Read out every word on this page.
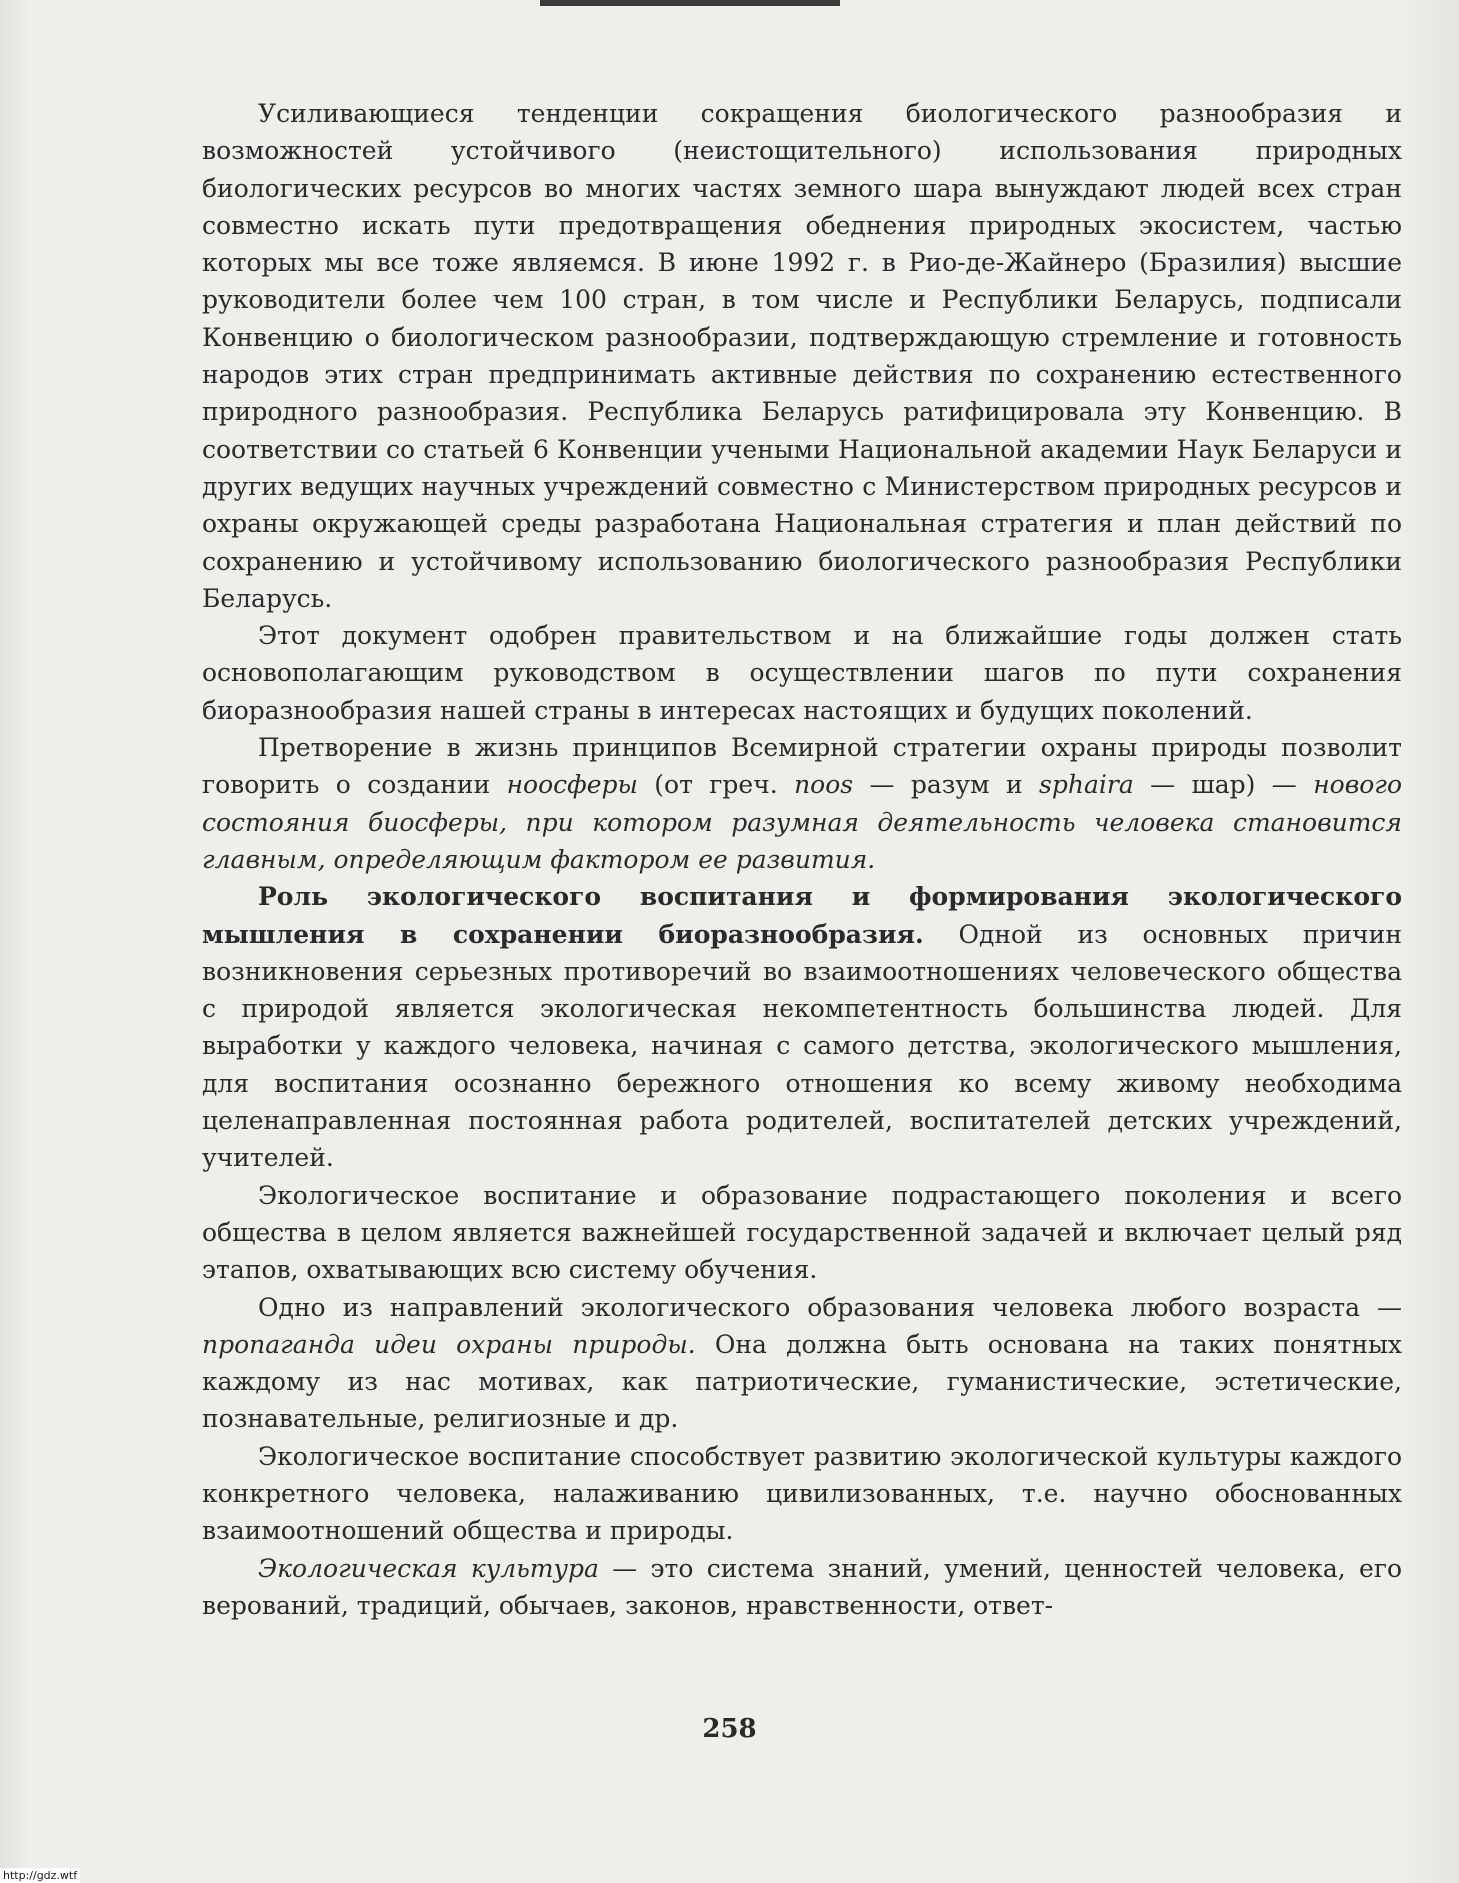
Усиливающиеся тенденции сокращения биологического разнообразия и возможностей устойчивого (неистощительного) использования природных биологических ресурсов во многих частях земного шара вынуждают людей всех стран совместно искать пути предотвращения обеднения природных экосистем, частью которых мы все тоже являемся. В июне 1992 г. в Рио-де-Жайнеро (Бразилия) высшие руководители более чем 100 стран, в том числе и Республики Беларусь, подписали Конвенцию о биологическом разнообразии, подтверждающую стремление и готовность народов этих стран предпринимать активные действия по сохранению естественного природного разнообразия. Республика Беларусь ратифицировала эту Конвенцию. В соответствии со статьей 6 Конвенции учеными Национальной академии Наук Беларуси и других ведущих научных учреждений совместно с Министерством природных ресурсов и охраны окружающей среды разработана Национальная стратегия и план действий по сохранению и устойчивому использованию биологического разнообразия Республики Беларусь.

Этот документ одобрен правительством и на ближайшие годы должен стать основополагающим руководством в осуществлении шагов по пути сохранения биоразнообразия нашей страны в интересах настоящих и будущих поколений.

Претворение в жизнь принципов Всемирной стратегии охраны природы позволит говорить о создании ноосферы (от греч. noos — разум и sphaira — шар) — нового состояния биосферы, при котором разумная деятельность человека становится главным, определяющим фактором ее развития.

Роль экологического воспитания и формирования экологического мышления в сохранении биоразнообразия. Одной из основных причин возникновения серьезных противоречий во взаимоотношениях человеческого общества с природой является экологическая некомпетентность большинства людей. Для выработки у каждого человека, начиная с самого детства, экологического мышления, для воспитания осознанно бережного отношения ко всему живому необходима целенаправленная постоянная работа родителей, воспитателей детских учреждений, учителей.

Экологическое воспитание и образование подрастающего поколения и всего общества в целом является важнейшей государственной задачей и включает целый ряд этапов, охватывающих всю систему обучения.

Одно из направлений экологического образования человека любого возраста — пропаганда идеи охраны природы. Она должна быть основана на таких понятных каждому из нас мотивах, как патриотические, гуманистические, эстетические, познавательные, религиозные и др.

Экологическое воспитание способствует развитию экологической культуры каждого конкретного человека, налаживанию цивилизованных, т.е. научно обоснованных взаимоотношений общества и природы.

Экологическая культура — это система знаний, умений, ценностей человека, его верований, традиций, обычаев, законов, нравственности, ответ-

258
http://gdz.wtf
